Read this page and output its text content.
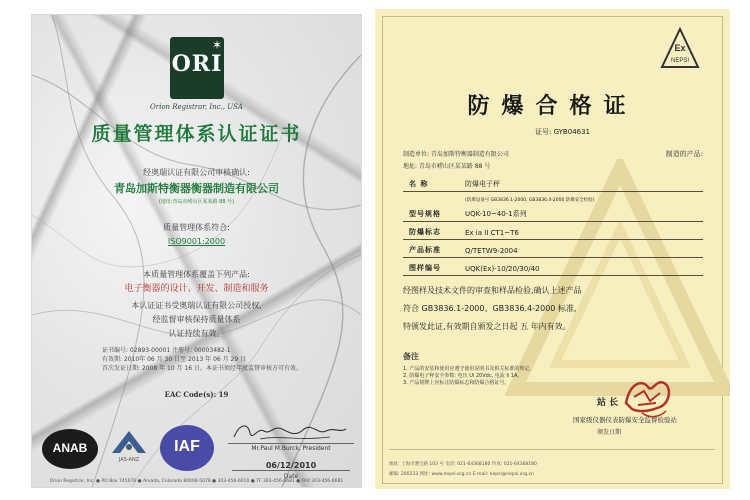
✶
ORI
Orion Registrar, Inc., USA
质量管理体系认证证书
经奥瑞认证有限公司审核确认:
青岛加斯特衡器衡器制造有限公司
(地址:青岛市崂山区某某路 88 号)
质量管理体系符合:
ISO9001:2000
本质量管理体系覆盖下列产品:
电子衡器的设计、开发、制造和服务
本认证证书受奥瑞认证有限公司授权,
经监督审核保持质量体系
认证持续有效。
证书编号: 02893-00001 注册号: 00003482-1
有效期: 2010年 06 月 30 日至 2013 年 06 月 29 日
首次发证日期: 2008 年 10 月 16 日。本证书须经年度监督审核方可有效。
EAC Code(s): 19
ANAB
JAS-ANZ
IAF	Mr.Paul M.Burck, President
06/12/2010
Date
Orion Registrar, Inc. ● PO Box 745078 ● Arvada, Colorado 80006-5078 ● 303-456-6010 ● TF 303-456-6681 ● FAX 303-456-6681
Ex
NEPSI
防爆合格证
证号: GYB04631
制造单位: 青岛加斯特衡器制造有限公司
地址: 青岛市崂山区某某路 88 号
制造的产品:
名 称	防爆电子秤
(防爆设备号 GB3836.1-2000, GB3836.4-2000 防爆安全检验)
型号规格	UQK-10~40-1系列
防爆标志	Ex ia II CT1~T6
产品标准	Q/TETW9-2004
图样编号	UQK(Ex)-10/20/30/40
经图样及技术文件的审查和样品检验,确认上述产品
符合 GB3836.1-2000、GB3836.4-2000 标准,
特颁发此证,有效期自颁发之日起 五 年内有效。
备注
1. 产品的安装和使用应遵守使用说明书及相关标准的规定。
2. 防爆电子秤安全参数: 电压 Ui 20Vdc, 电流 Ii 1A。
3. 产品铭牌上应标注防爆标志和防爆合格证号。
站 长
国家级仪器仪表防爆安全监督检验站
颁发日期
地址: 上海市漕宝路 103 号 电话: 021-64368180 传真: 021-64368180
邮编: 200233 网址: www.nepsi.org.cn E-mail: nepsi@nepsi.org.cn
